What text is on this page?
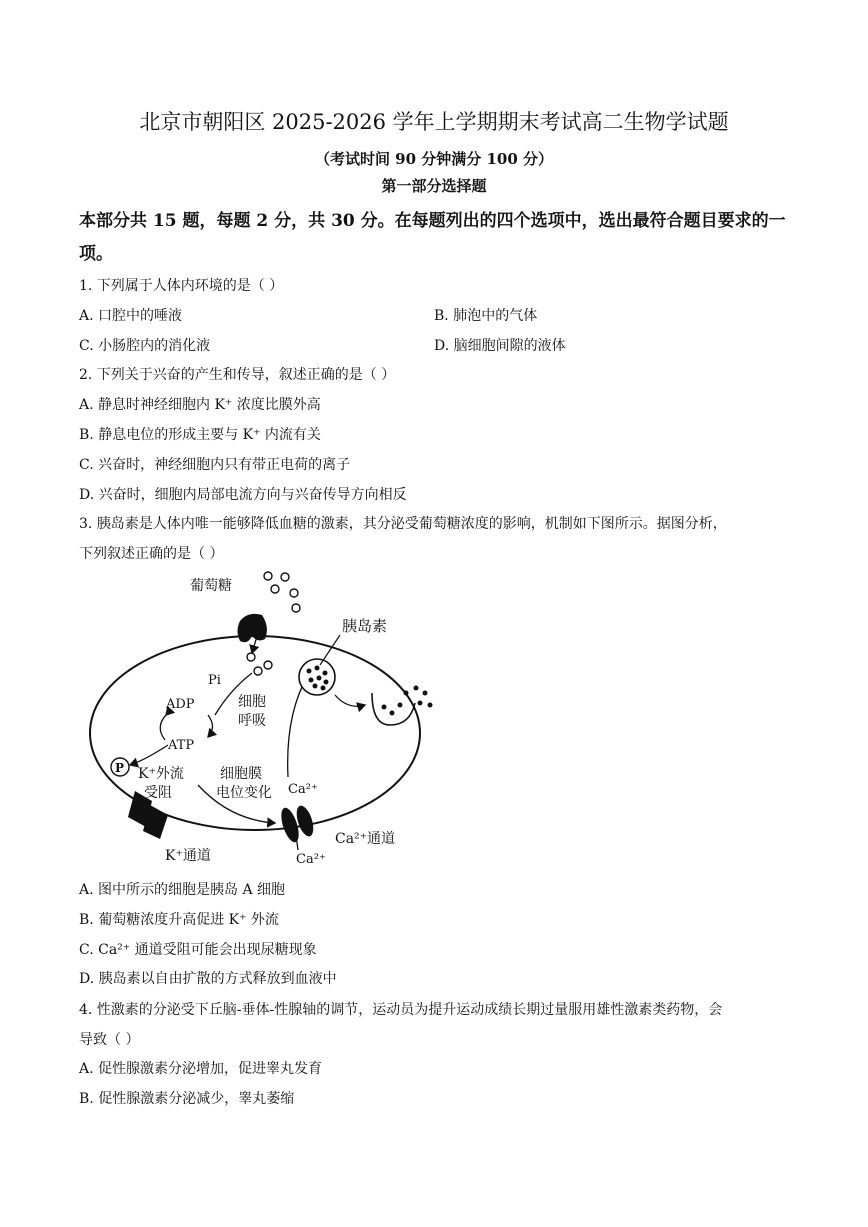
北京市朝阳区 2025-2026 学年上学期期末考试高二生物学试题
（考试时间 90 分钟满分 100 分）
第一部分选择题
本部分共 15 题，每题 2 分，共 30 分。在每题列出的四个选项中，选出最符合题目要求的一
项。
1. 下列属于人体内环境的是（ ）
A. 口腔中的唾液	B. 肺泡中的气体
C. 小肠腔内的消化液	D. 脑细胞间隙的液体
2. 下列关于兴奋的产生和传导，叙述正确的是（ ）
A. 静息时神经细胞内 K⁺ 浓度比膜外高
B. 静息电位的形成主要与 K⁺ 内流有关
C. 兴奋时，神经细胞内只有带正电荷的离子
D. 兴奋时，细胞内局部电流方向与兴奋传导方向相反
3. 胰岛素是人体内唯一能够降低血糖的激素，其分泌受葡萄糖浓度的影响，机制如下图所示。据图分析，
下列叙述正确的是（ ）
葡萄糖
Pi
ADP
ATP
细胞
呼吸
P K⁺外流
受阻
K⁺通道
细胞膜
电位变化 Ca²⁺
Ca²⁺通道
Ca²⁺
胰岛素
A. 图中所示的细胞是胰岛 A 细胞
B. 葡萄糖浓度升高促进 K⁺ 外流
C. Ca²⁺ 通道受阻可能会出现尿糖现象
D. 胰岛素以自由扩散的方式释放到血液中
4. 性激素的分泌受下丘脑-垂体-性腺轴的调节，运动员为提升运动成绩长期过量服用雄性激素类药物，会
导致（ ）
A. 促性腺激素分泌增加，促进睾丸发育
B. 促性腺激素分泌减少，睾丸萎缩
